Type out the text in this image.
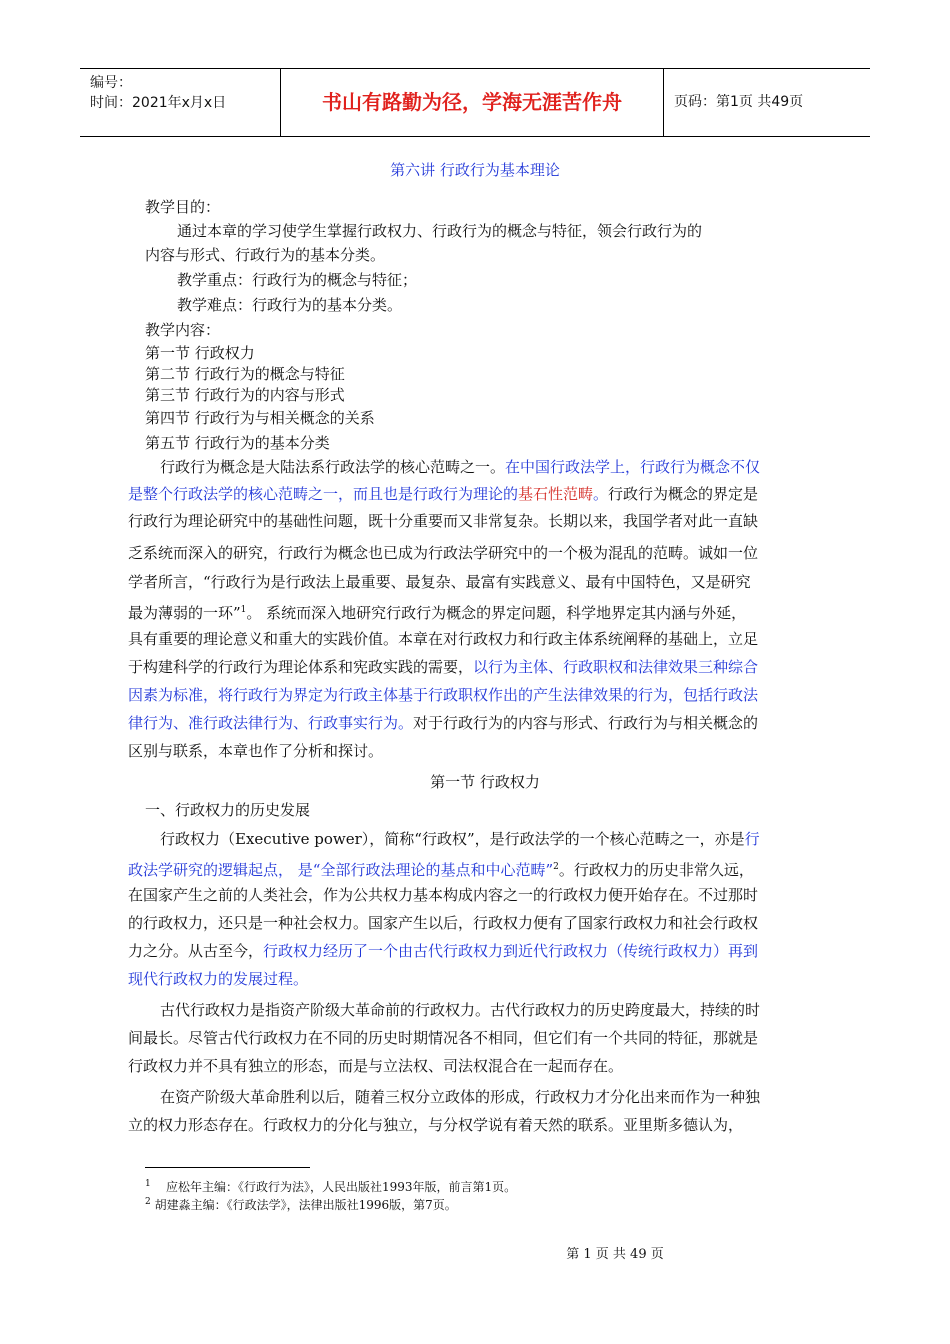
编号：
时间：2021年x月x日	书山有路勤为径，学海无涯苦作舟	页码：第1页 共49页
第六讲 行政行为基本理论
教学目的：
通过本章的学习使学生掌握行政权力、行政行为的概念与特征，领会行政行为的
内容与形式、行政行为的基本分类。
教学重点：行政行为的概念与特征；
教学难点：行政行为的基本分类。
教学内容：
第一节 行政权力
第二节 行政行为的概念与特征
第三节 行政行为的内容与形式
第四节 行政行为与相关概念的关系
第五节 行政行为的基本分类
行政行为概念是大陆法系行政法学的核心范畴之一。在中国行政法学上，行政行为概念不仅
是整个行政法学的核心范畴之一，而且也是行政行为理论的基石性范畴。行政行为概念的界定是
行政行为理论研究中的基础性问题，既十分重要而又非常复杂。长期以来，我国学者对此一直缺
乏系统而深入的研究，行政行为概念也已成为行政法学研究中的一个极为混乱的范畴。诚如一位
学者所言，“行政行为是行政法上最重要、最复杂、最富有实践意义、最有中国特色，又是研究
最为薄弱的一环”$^1$。 系统而深入地研究行政行为概念的界定问题，科学地界定其内涵与外延，
具有重要的理论意义和重大的实践价值。本章在对行政权力和行政主体系统阐释的基础上，立足
于构建科学的行政行为理论体系和宪政实践的需要，以行为主体、行政职权和法律效果三种综合
因素为标准，将行政行为界定为行政主体基于行政职权作出的产生法律效果的行为，包括行政法
律行为、准行政法律行为、行政事实行为。对于行政行为的内容与形式、行政行为与相关概念的
区别与联系，本章也作了分析和探讨。
第一节 行政权力
一、行政权力的历史发展
行政权力（Executive power），简称“行政权”，是行政法学的一个核心范畴之一，亦是行
政法学研究的逻辑起点， 是“全部行政法理论的基点和中心范畴”$^2$。行政权力的历史非常久远，
在国家产生之前的人类社会，作为公共权力基本构成内容之一的行政权力便开始存在。不过那时
的行政权力，还只是一种社会权力。国家产生以后，行政权力便有了国家行政权力和社会行政权
力之分。从古至今，行政权力经历了一个由古代行政权力到近代行政权力（传统行政权力）再到
现代行政权力的发展过程。
古代行政权力是指资产阶级大革命前的行政权力。古代行政权力的历史跨度最大，持续的时
间最长。尽管古代行政权力在不同的历史时期情况各不相同，但它们有一个共同的特征，那就是
行政权力并不具有独立的形态，而是与立法权、司法权混合在一起而存在。
在资产阶级大革命胜利以后，随着三权分立政体的形成，行政权力才分化出来而作为一种独
立的权力形态存在。行政权力的分化与独立，与分权学说有着天然的联系。亚里斯多德认为，
$^1$ 应松年主编：《行政行为法》，人民出版社1993年版，前言第1页。
$^2$ 胡建淼主编：《行政法学》，法律出版社1996版，第7页。
第 1 页 共 49 页
